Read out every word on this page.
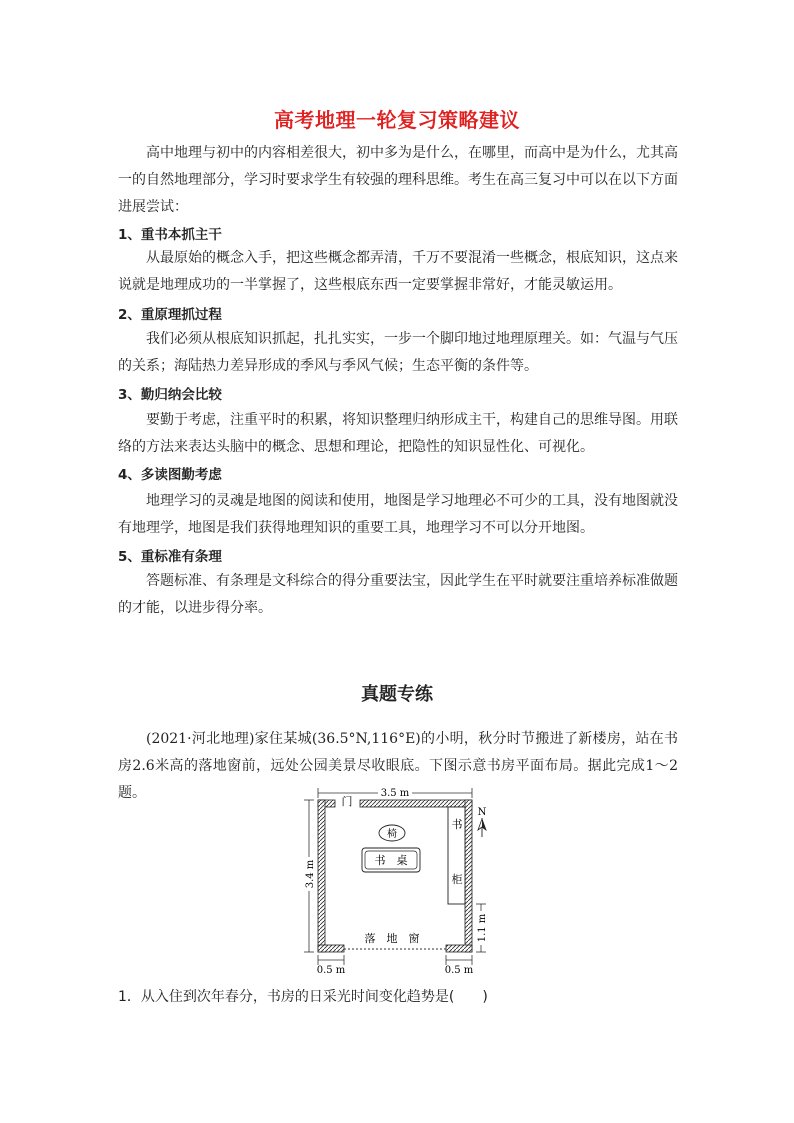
高考地理一轮复习策略建议

高中地理与初中的内容相差很大，初中多为是什么，在哪里，而高中是为什么，尤其高一的自然地理部分，学习时要求学生有较强的理科思维。考生在高三复习中可以在以下方面进展尝试：

1、重书本抓主干

从最原始的概念入手，把这些概念都弄清，千万不要混淆一些概念，根底知识，这点来说就是地理成功的一半掌握了，这些根底东西一定要掌握非常好，才能灵敏运用。

2、重原理抓过程

我们必须从根底知识抓起，扎扎实实，一步一个脚印地过地理原理关。如：气温与气压的关系；海陆热力差异形成的季风与季风气候；生态平衡的条件等。

3、勤归纳会比较

要勤于考虑，注重平时的积累，将知识整理归纳形成主干，构建自己的思维导图。用联络的方法来表达头脑中的概念、思想和理论，把隐性的知识显性化、可视化。

4、多读图勤考虑

地理学习的灵魂是地图的阅读和使用，地图是学习地理必不可少的工具，没有地图就没有地理学，地图是我们获得地理知识的重要工具，地理学习不可以分开地图。

5、重标准有条理

答题标准、有条理是文科综合的得分重要法宝，因此学生在平时就要注重培养标准做题的才能，以进步得分率。

真题专练

(2021·河北地理)家住某城(36.5°N,116°E)的小明，秋分时节搬进了新楼房，站在书房2.6米高的落地窗前，远处公园美景尽收眼底。下图示意书房平面布局。据此完成1～2题。	3.5 m
门
落　地　窗
书
柜
椅
书　桌
N
3.4 m
1.1 m
0.5 m	0.5 m

1．从入住到次年春分，书房的日采光时间变化趋势是(　　)
